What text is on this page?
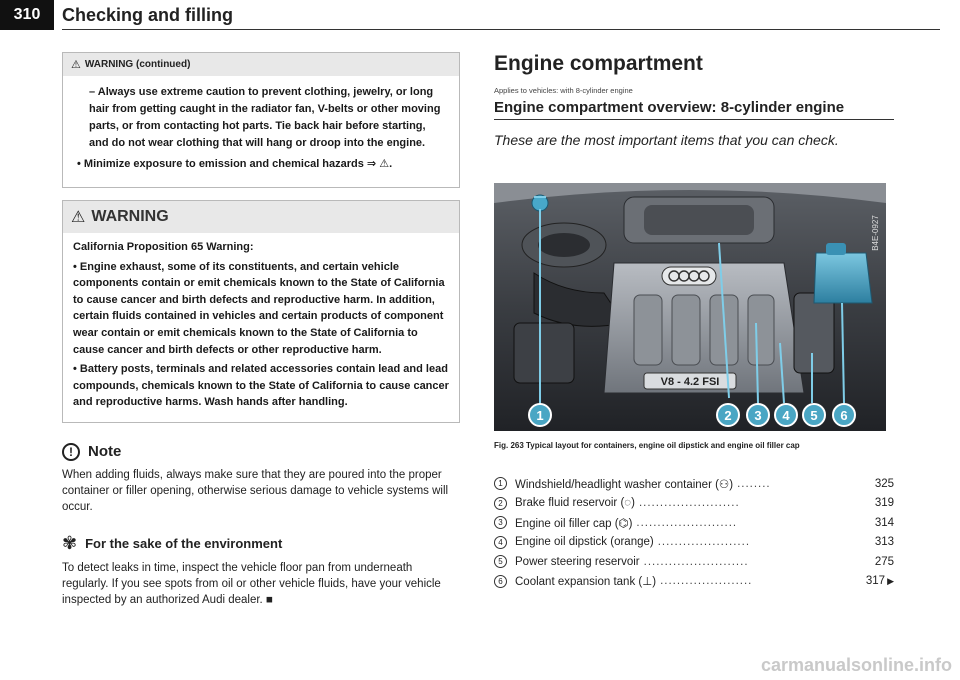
310	Checking and filling
⚠ WARNING (continued)

– Always use extreme caution to prevent clothing, jewelry, or long hair from getting caught in the radiator fan, V-belts or other moving parts, or from contacting hot parts. Tie back hair before starting, and do not wear clothing that will hang or droop into the engine.

• Minimize exposure to emission and chemical hazards ⇒ ⚠.

⚠ WARNING

California Proposition 65 Warning:

• Engine exhaust, some of its constituents, and certain vehicle components contain or emit chemicals known to the State of California to cause cancer and birth defects and reproductive harm. In addition, certain fluids contained in vehicles and certain products of component wear contain or emit chemicals known to the State of California to cause cancer and birth defects or other reproductive harm.

• Battery posts, terminals and related accessories contain lead and lead compounds, chemicals known to the State of California to cause cancer and reproductive harms. Wash hands after handling.

!	Note
When adding fluids, always make sure that they are poured into the proper container or filler opening, otherwise serious damage to vehicle systems will occur.
✾ For the sake of the environment
To detect leaks in time, inspect the vehicle floor pan from underneath regularly. If you see spots from oil or other vehicle fluids, have your vehicle inspected by an authorized Audi dealer. ■
Engine compartment
Applies to vehicles: with 8-cylinder engine
Engine compartment overview: 8-cylinder engine
These are the most important items that you can check.
V8 - 4.2 FSI
1	2 3 4 5 6
B4E-0927
Fig. 263 Typical layout for containers, engine oil dipstick and engine oil filler cap
1	Windshield/headlight washer container (⚇) ........	325
2	Brake fluid reservoir (◌) ........................	319
3	Engine oil filler cap (⌬) ........................	314
4	Engine oil dipstick (orange) ......................	313
5	Power steering reservoir .........................	275
6	Coolant expansion tank (⊥) ......................	317 ▶
carmanualsonline.info
